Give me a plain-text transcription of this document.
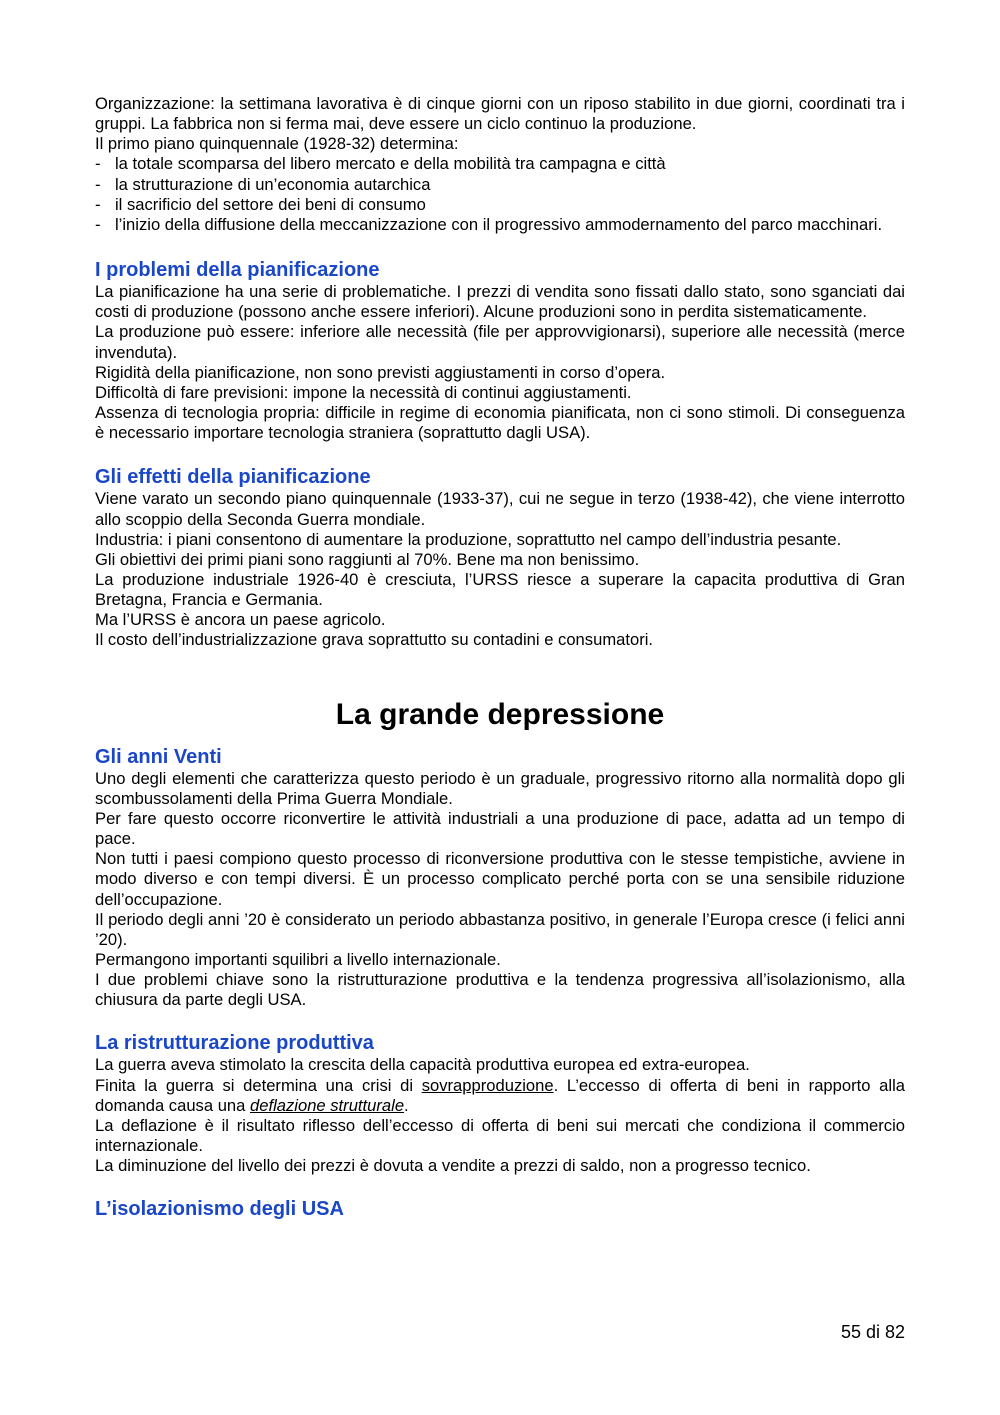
Organizzazione: la settimana lavorativa è di cinque giorni con un riposo stabilito in due giorni, coordinati tra i gruppi. La fabbrica non si ferma mai, deve essere un ciclo continuo la produzione.

Il primo piano quinquennale (1928-32) determina:

- la totale scomparsa del libero mercato e della mobilità tra campagna e città
- la strutturazione di un’economia autarchica
- il sacrificio del settore dei beni di consumo
- l’inizio della diffusione della meccanizzazione con il progressivo ammodernamento del parco macchinari.
I problemi della pianificazione

La pianificazione ha una serie di problematiche. I prezzi di vendita sono fissati dallo stato, sono sganciati dai costi di produzione (possono anche essere inferiori). Alcune produzioni sono in perdita sistematicamente.

La produzione può essere: inferiore alle necessità (file per approvvigionarsi), superiore alle necessità (merce invenduta).

Rigidità della pianificazione, non sono previsti aggiustamenti in corso d’opera.

Difficoltà di fare previsioni: impone la necessità di continui aggiustamenti.

Assenza di tecnologia propria: difficile in regime di economia pianificata, non ci sono stimoli. Di conseguenza è necessario importare tecnologia straniera (soprattutto dagli USA).

Gli effetti della pianificazione

Viene varato un secondo piano quinquennale (1933-37), cui ne segue in terzo (1938-42), che viene interrotto allo scoppio della Seconda Guerra mondiale.

Industria: i piani consentono di aumentare la produzione, soprattutto nel campo dell’industria pesante.

Gli obiettivi dei primi piani sono raggiunti al 70%. Bene ma non benissimo.

La produzione industriale 1926-40 è cresciuta, l’URSS riesce a superare la capacita produttiva di Gran Bretagna, Francia e Germania.

Ma l’URSS è ancora un paese agricolo.

Il costo dell’industrializzazione grava soprattutto su contadini e consumatori.

La grande depressione
Gli anni Venti

Uno degli elementi che caratterizza questo periodo è un graduale, progressivo ritorno alla normalità dopo gli scombussolamenti della Prima Guerra Mondiale.

Per fare questo occorre riconvertire le attività industriali a una produzione di pace, adatta ad un tempo di pace.

Non tutti i paesi compiono questo processo di riconversione produttiva con le stesse tempistiche, avviene in modo diverso e con tempi diversi. È un processo complicato perché porta con se una sensibile riduzione dell’occupazione.

Il periodo degli anni ’20 è considerato un periodo abbastanza positivo, in generale l’Europa cresce (i felici anni ’20).

Permangono importanti squilibri a livello internazionale.

I due problemi chiave sono la ristrutturazione produttiva e la tendenza progressiva all’isolazionismo, alla chiusura da parte degli USA.

La ristrutturazione produttiva

La guerra aveva stimolato la crescita della capacità produttiva europea ed extra-europea.

Finita la guerra si determina una crisi di sovrapproduzione. L’eccesso di offerta di beni in rapporto alla domanda causa una deflazione strutturale.

La deflazione è il risultato riflesso dell’eccesso di offerta di beni sui mercati che condiziona il commercio internazionale.

La diminuzione del livello dei prezzi è dovuta a vendite a prezzi di saldo, non a progresso tecnico.

L’isolazionismo degli USA
55 di 82
